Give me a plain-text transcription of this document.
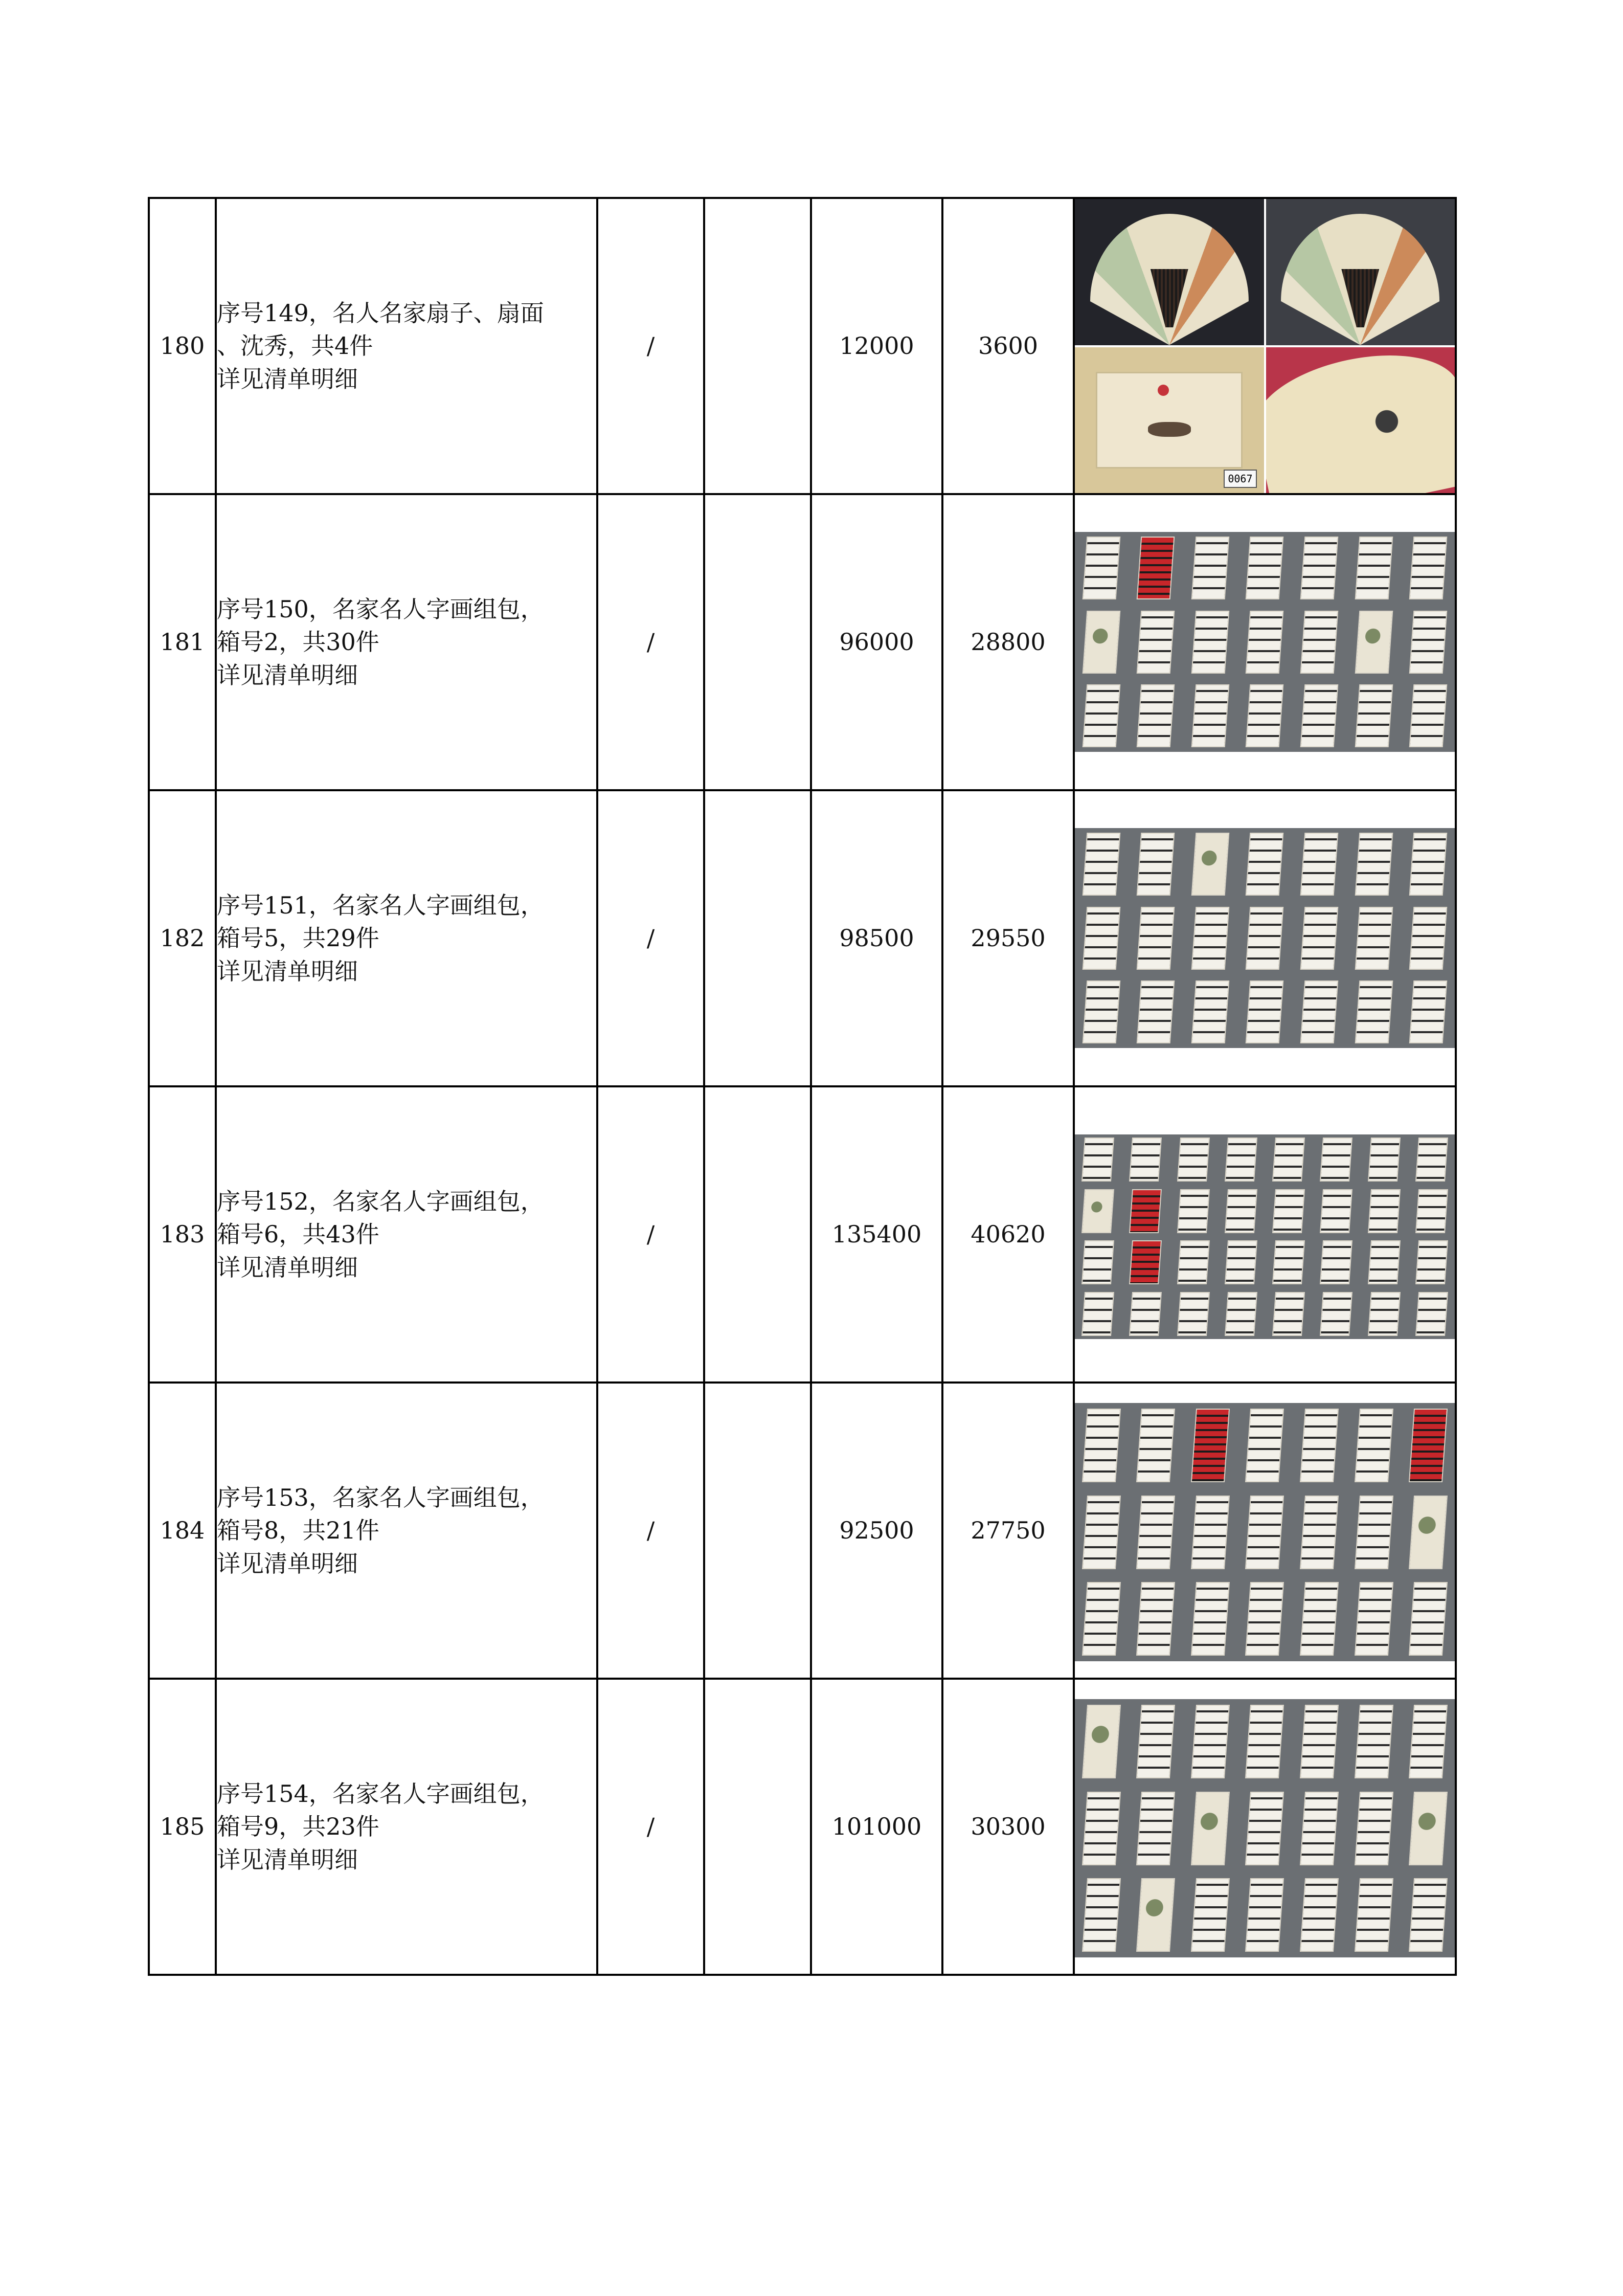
180	序号149，名人名家扇子、扇面
、沈秀，共4件
详见清单明细	/		12000	3600	0067

181	序号150，名家名人字画组包，
箱号2，共30件
详见清单明细	/		96000	28800	

182	序号151，名家名人字画组包，
箱号5，共29件
详见清单明细	/		98500	29550	

183	序号152，名家名人字画组包，
箱号6，共43件
详见清单明细	/		135400	40620	

184	序号153，名家名人字画组包，
箱号8，共21件
详见清单明细	/		92500	27750	

185	序号154，名家名人字画组包，
箱号9，共23件
详见清单明细	/		101000	30300	
